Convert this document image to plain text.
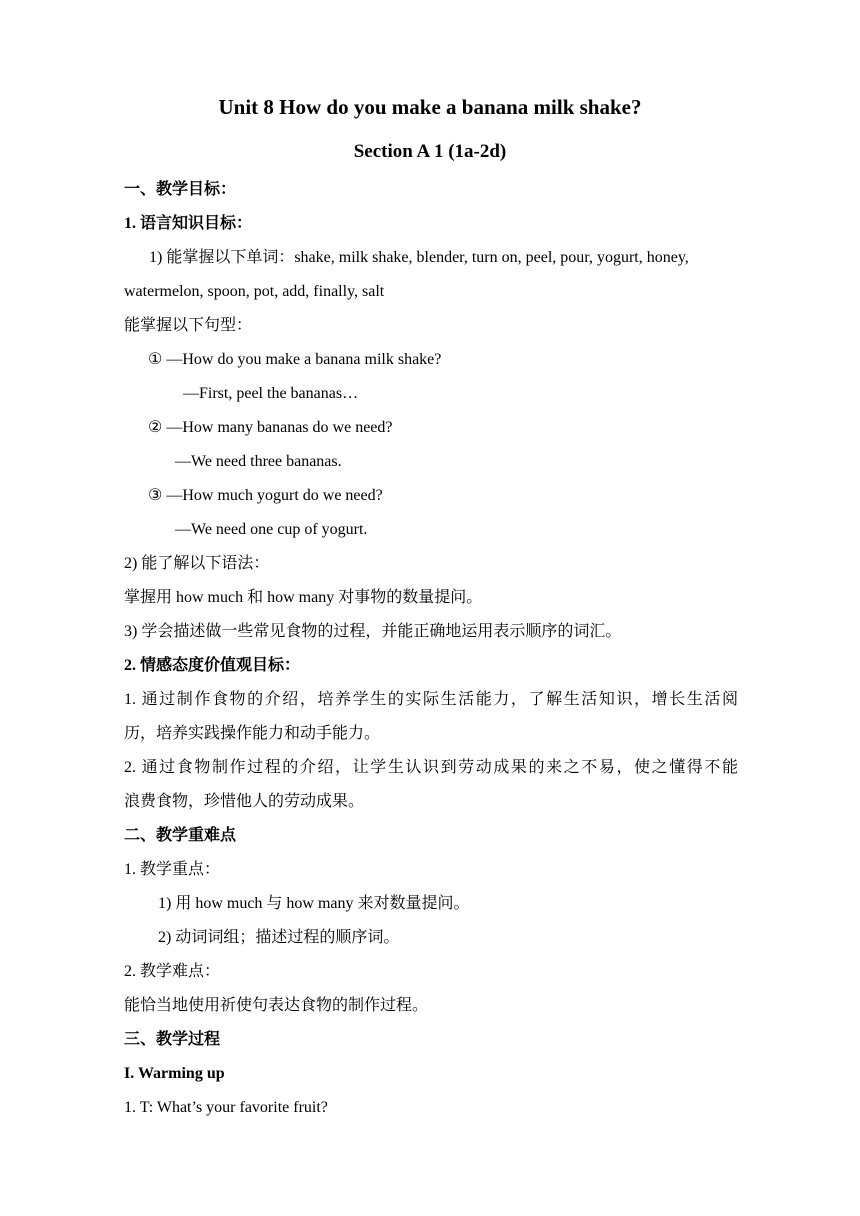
Unit 8 How do you make a banana milk shake?
Section A 1 (1a-2d)
一、教学目标：
1. 语言知识目标：
1) 能掌握以下单词：shake, milk shake, blender, turn on, peel, pour, yogurt, honey,
watermelon, spoon, pot, add, finally, salt
能掌握以下句型：
① —How do you make a banana milk shake?
—First, peel the bananas…
② —How many bananas do we need?
—We need three bananas.
③ —How much yogurt do we need?
—We need one cup of yogurt.
2) 能了解以下语法：
掌握用 how much 和 how many 对事物的数量提问。
3) 学会描述做一些常见食物的过程，并能正确地运用表示顺序的词汇。
2. 情感态度价值观目标：
1. 通过制作食物的介绍，培养学生的实际生活能力，了解生活知识，增长生活阅
历，培养实践操作能力和动手能力。
2. 通过食物制作过程的介绍，让学生认识到劳动成果的来之不易，使之懂得不能
浪费食物，珍惜他人的劳动成果。
二、教学重难点
1. 教学重点：
1) 用 how much 与 how many 来对数量提问。
2) 动词词组；描述过程的顺序词。
2. 教学难点：
能恰当地使用祈使句表达食物的制作过程。
三、教学过程
I. Warming up
1. T: What’s your favorite fruit?
